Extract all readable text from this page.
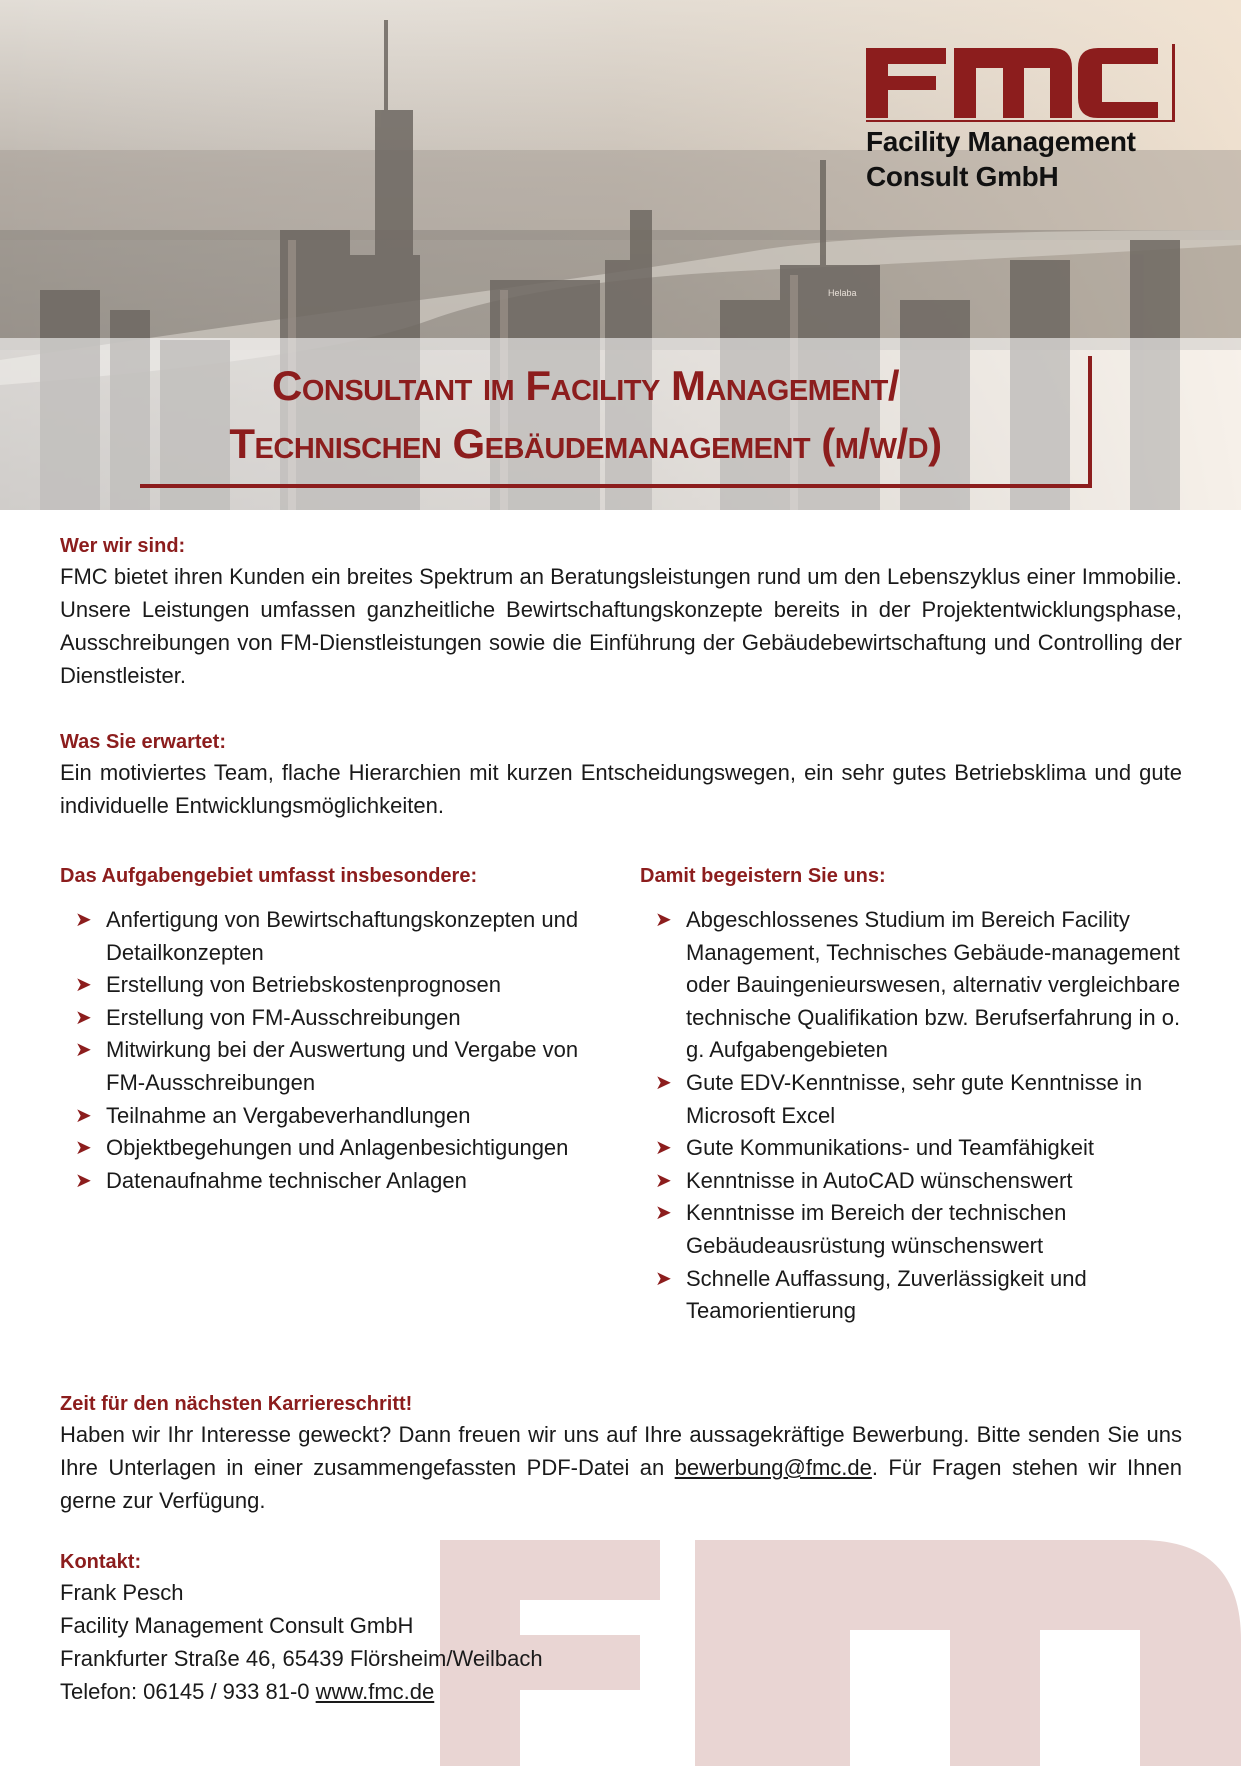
Helaba
Consultant im Facility Management/
Technischen Gebäudemanagement (m/w/d)
Facility Management
Consult GmbH

Wer wir sind:

FMC bietet ihren Kunden ein breites Spektrum an Beratungsleistungen rund um den Lebenszyklus einer Immobilie. Unsere Leistungen umfassen ganzheitliche Bewirtschaftungskonzepte bereits in der Projektentwicklungsphase, Ausschreibungen von FM-Dienstleistungen sowie die Einführung der Gebäudebewirtschaftung und Controlling der Dienstleister.

Was Sie erwartet:

Ein motiviertes Team, flache Hierarchien mit kurzen Entscheidungswegen, ein sehr gutes Betriebsklima und gute individuelle Entwicklungsmöglichkeiten.

Das Aufgabengebiet umfasst insbesondere:

➤ Anfertigung von Bewirtschaftungskonzepten und Detailkonzepten
➤ Erstellung von Betriebskostenprognosen
➤ Erstellung von FM-Ausschreibungen
➤ Mitwirkung bei der Auswertung und Vergabe von FM-Ausschreibungen
➤ Teilnahme an Vergabeverhandlungen
➤ Objektbegehungen und Anlagenbesichtigungen
➤ Datenaufnahme technischer Anlagen

Damit begeistern Sie uns:

➤ Abgeschlossenes Studium im Bereich Facility Management, Technisches Gebäude-management oder Bauingenieurswesen, alternativ vergleichbare technische Qualifikation bzw. Berufserfahrung in o. g. Aufgabengebieten
➤ Gute EDV-Kenntnisse, sehr gute Kenntnisse in Microsoft Excel
➤ Gute Kommunikations- und Teamfähigkeit
➤ Kenntnisse in AutoCAD wünschenswert
➤ Kenntnisse im Bereich der technischen Gebäudeausrüstung wünschenswert
➤ Schnelle Auffassung, Zuverlässigkeit und Teamorientierung

Zeit für den nächsten Karriereschritt!

Haben wir Ihr Interesse geweckt? Dann freuen wir uns auf Ihre aussagekräftige Bewerbung. Bitte senden Sie uns Ihre Unterlagen in einer zusammengefassten PDF-Datei an bewerbung@fmc.de. Für Fragen stehen wir Ihnen gerne zur Verfügung.

Kontakt:

Frank Pesch

Facility Management Consult GmbH

Frankfurter Straße 46, 65439 Flörsheim/Weilbach

Telefon: 06145 / 933 81-0 www.fmc.de
